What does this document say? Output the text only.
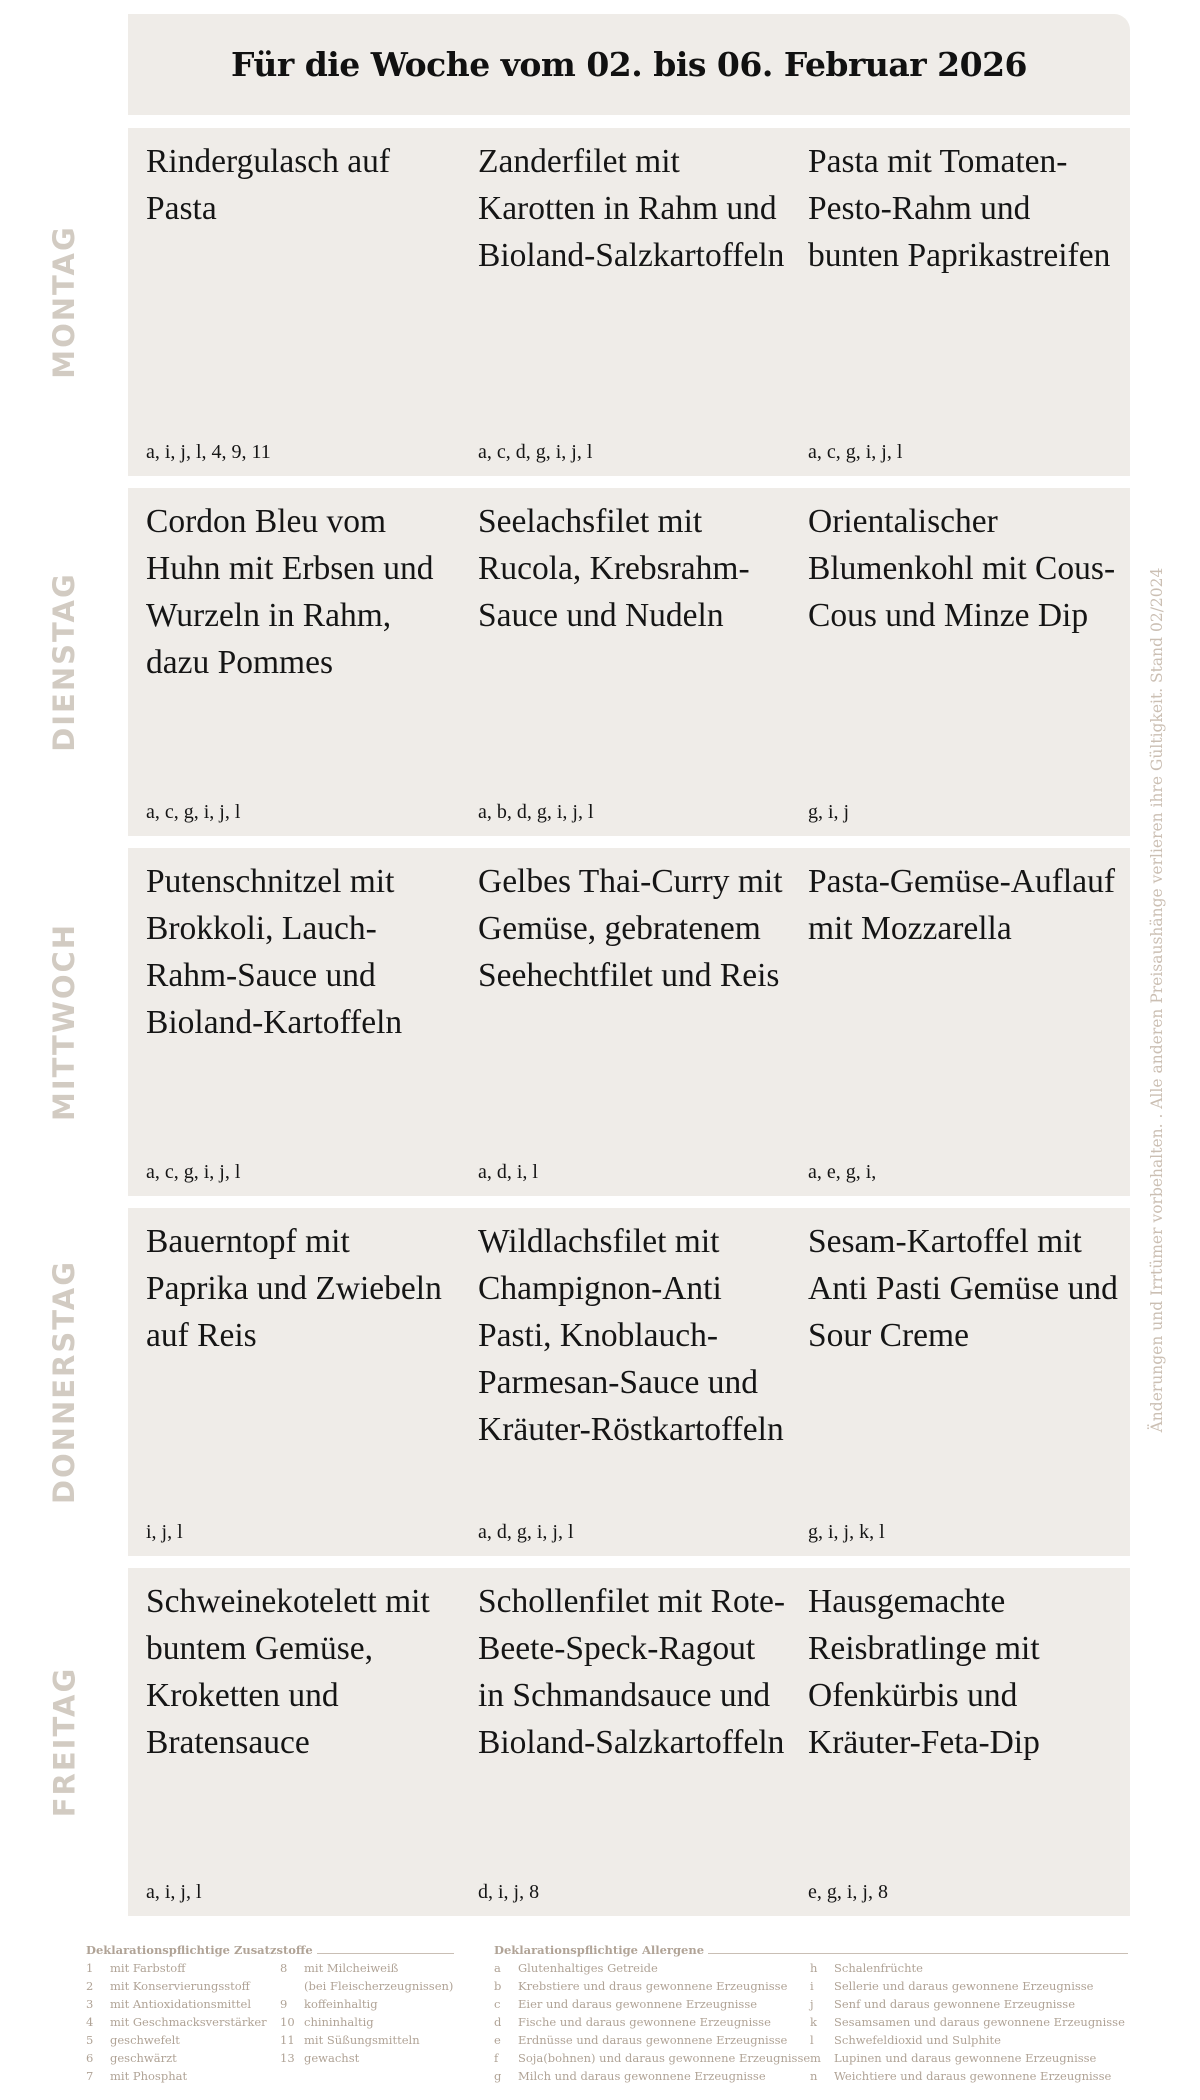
Für die Woche vom 02. bis 06. Februar 2026
Änderungen und Irrtümer vorbehalten. . Alle anderen Preisaushänge verlieren ihre Gültigkeit. Stand 02/2024
MONTAG
Rindergulasch auf Pasta
a, i, j, l, 4, 9, 11
Zanderfilet mit Karotten in Rahm und Bioland-Salzkartoffeln
a, c, d, g, i, j, l
Pasta mit Tomaten-Pesto-Rahm und bunten Paprikastreifen
a, c, g, i, j, l
DIENSTAG
Cordon Bleu vom Huhn mit Erbsen und Wurzeln in Rahm, dazu Pommes
a, c, g, i, j, l
Seelachsfilet mit Rucola, Krebsrahm-Sauce und Nudeln
a, b, d, g, i, j, l
Orientalischer Blumenkohl mit Cous-Cous und Minze Dip
g, i, j
MITTWOCH
Putenschnitzel mit Brokkoli, Lauch-Rahm-Sauce und Bioland-Kartoffeln
a, c, g, i, j, l
Gelbes Thai-Curry mit Gemüse, gebratenem Seehechtfilet und Reis
a, d, i, l
Pasta-Gemüse-Auflauf mit Mozzarella
a, e, g, i,
DONNERSTAG
Bauerntopf mit Paprika und Zwiebeln auf Reis
i, j, l
Wildlachsfilet mit Champignon-Anti Pasti, Knoblauch-Parmesan-Sauce und Kräuter-Röstkartoffeln
a, d, g, i, j, l
Sesam-Kartoffel mit Anti Pasti Gemüse und Sour Creme
g, i, j, k, l
FREITAG
Schweinekotelett mit buntem Gemüse, Kroketten und Bratensauce
a, i, j, l
Schollenfilet mit Rote-Beete-Speck-Ragout in Schmandsauce und Bioland-Salzkartoffeln
d, i, j, 8
Hausgemachte Reisbratlinge mit Ofenkürbis und Kräuter-Feta-Dip
e, g, i, j, 8
Deklarationspflichtige Zusatzstoffe
1	mit Farbstoff
2	mit Konservierungsstoff
3	mit Antioxidationsmittel
4	mit Geschmacksverstärker
5	geschwefelt
6	geschwärzt
7	mit Phosphat
8	mit Milcheiweiß
(bei Fleischerzeugnissen)
9	koffeinhaltig
10 chininhaltig
11 mit Süßungsmitteln
13 gewachst
Deklarationspflichtige Allergene
a	Glutenhaltiges Getreide
b	Krebstiere und draus gewonnene Erzeugnisse
c	Eier und daraus gewonnene Erzeugnisse
d	Fische und daraus gewonnene Erzeugnisse
e	Erdnüsse und daraus gewonnene Erzeugnisse
f	Soja(bohnen) und daraus gewonnene Erzeugnisse
g	Milch und daraus gewonnene Erzeugnisse
h	Schalenfrüchte
i	Sellerie und daraus gewonnene Erzeugnisse
j	Senf und daraus gewonnene Erzeugnisse
k	Sesamsamen und daraus gewonnene Erzeugnisse
l	Schwefeldioxid und Sulphite
m	Lupinen und daraus gewonnene Erzeugnisse
n	Weichtiere und daraus gewonnene Erzeugnisse
